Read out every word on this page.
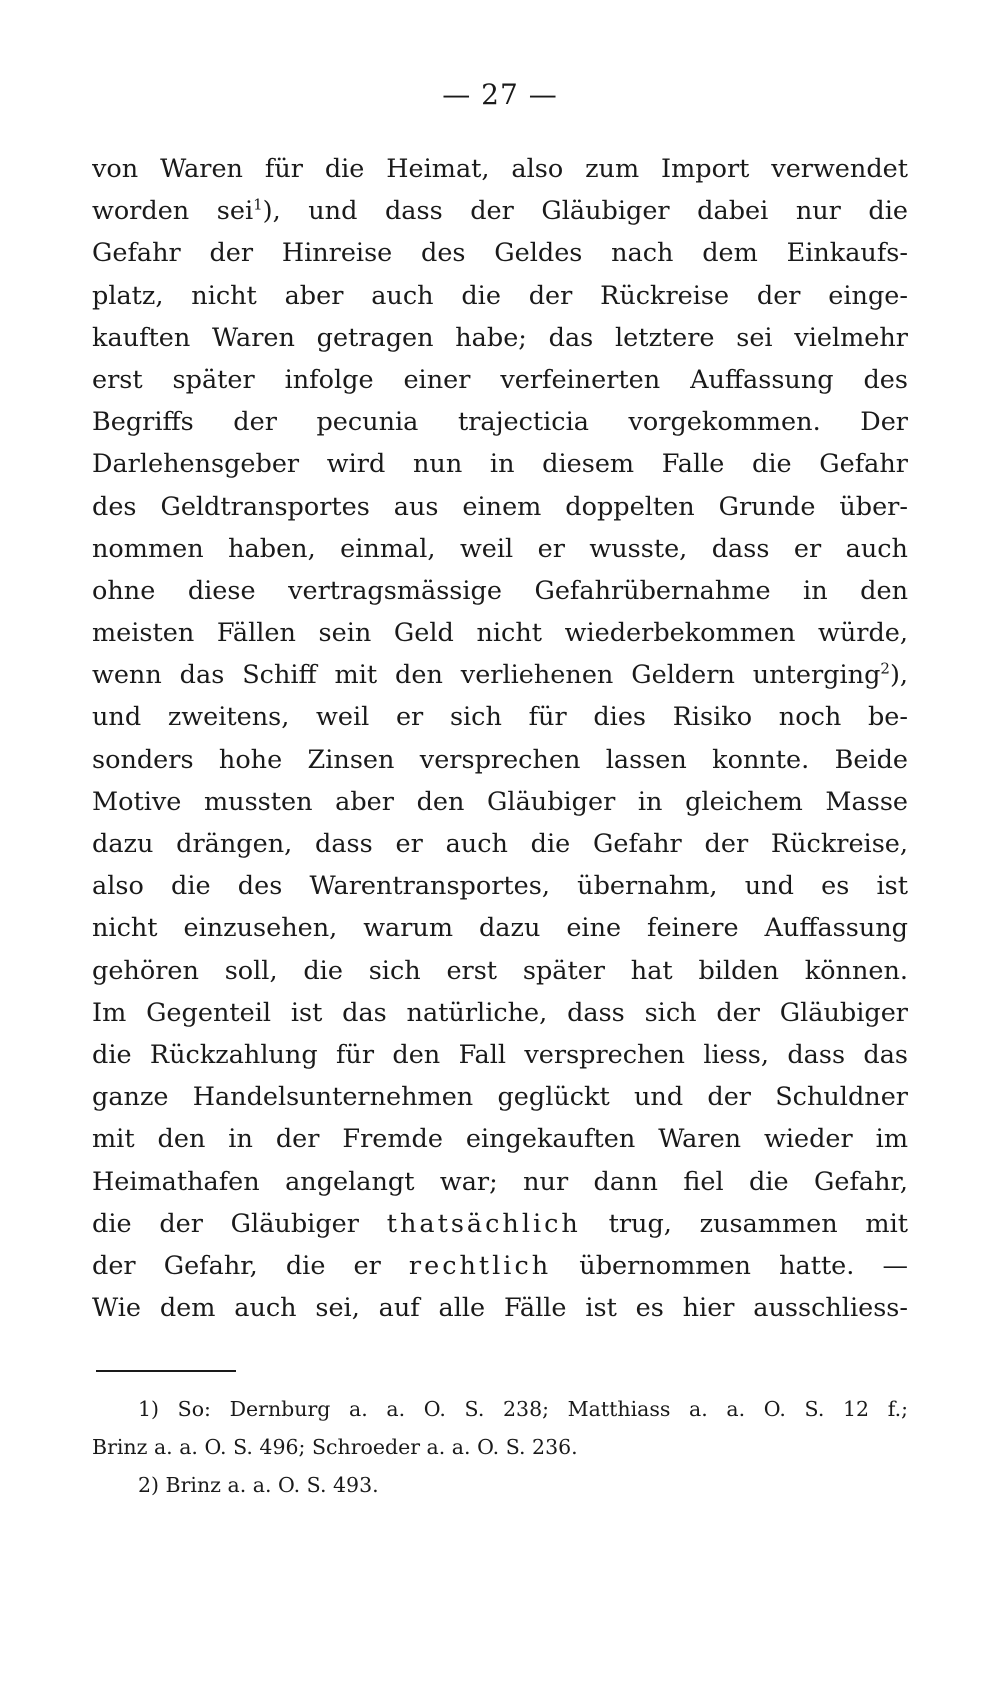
— 27 —
von Waren für die Heimat, also zum Import verwendet
worden sei$^1$), und dass der Gläubiger dabei nur die
Gefahr der Hinreise des Geldes nach dem Einkaufs-
platz, nicht aber auch die der Rückreise der einge-
kauften Waren getragen habe; das letztere sei vielmehr
erst später infolge einer verfeinerten Auffassung des
Begriffs der pecunia trajecticia vorgekommen. Der
Darlehensgeber wird nun in diesem Falle die Gefahr
des Geldtransportes aus einem doppelten Grunde über-
nommen haben, einmal, weil er wusste, dass er auch
ohne diese vertragsmässige Gefahrübernahme in den
meisten Fällen sein Geld nicht wiederbekommen würde,
wenn das Schiff mit den verliehenen Geldern unterging$^2$),
und zweitens, weil er sich für dies Risiko noch be-
sonders hohe Zinsen versprechen lassen konnte. Beide
Motive mussten aber den Gläubiger in gleichem Masse
dazu drängen, dass er auch die Gefahr der Rückreise,
also die des Warentransportes, übernahm, und es ist
nicht einzusehen, warum dazu eine feinere Auffassung
gehören soll, die sich erst später hat bilden können.
Im Gegenteil ist das natürliche, dass sich der Gläubiger
die Rückzahlung für den Fall versprechen liess, dass das
ganze Handelsunternehmen geglückt und der Schuldner
mit den in der Fremde eingekauften Waren wieder im
Heimathafen angelangt war; nur dann fiel die Gefahr,
die der Gläubiger thatsächlich trug, zusammen mit
der Gefahr, die er rechtlich übernommen hatte. —
Wie dem auch sei, auf alle Fälle ist es hier ausschliess-
1) So: Dernburg a. a. O. S. 238; Matthiass a. a. O. S. 12 f.;
Brinz a. a. O. S. 496; Schroeder a. a. O. S. 236.
2) Brinz a. a. O. S. 493.
